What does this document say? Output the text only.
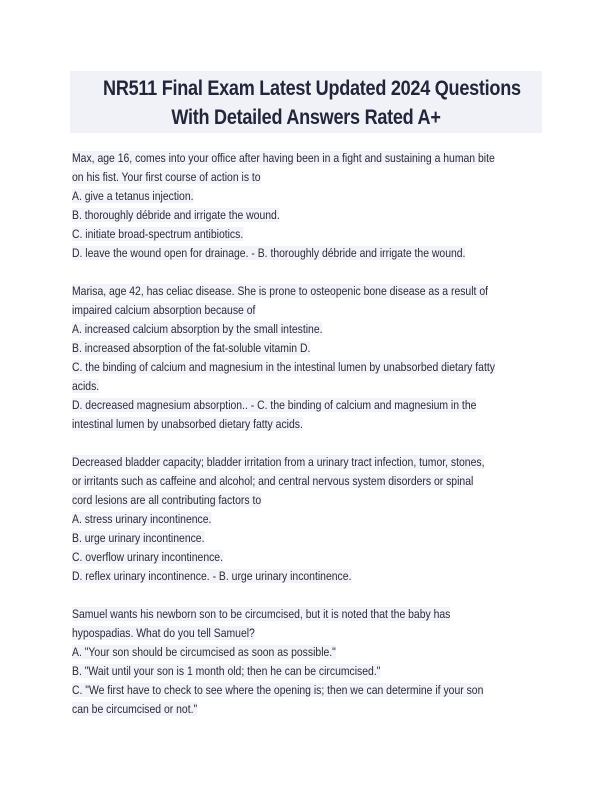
NR511 Final Exam Latest Updated 2024 Questions
With Detailed Answers Rated A+
Max, age 16, comes into your office after having been in a fight and sustaining a human bite
on his fist. Your first course of action is to
A. give a tetanus injection.
B. thoroughly débride and irrigate the wound.
C. initiate broad-spectrum antibiotics.
D. leave the wound open for drainage. - B. thoroughly débride and irrigate the wound.
Marisa, age 42, has celiac disease. She is prone to osteopenic bone disease as a result of
impaired calcium absorption because of
A. increased calcium absorption by the small intestine.
B. increased absorption of the fat-soluble vitamin D.
C. the binding of calcium and magnesium in the intestinal lumen by unabsorbed dietary fatty
acids.
D. decreased magnesium absorption.. - C. the binding of calcium and magnesium in the
intestinal lumen by unabsorbed dietary fatty acids.
Decreased bladder capacity; bladder irritation from a urinary tract infection, tumor, stones,
or irritants such as caffeine and alcohol; and central nervous system disorders or spinal
cord lesions are all contributing factors to
A. stress urinary incontinence.
B. urge urinary incontinence.
C. overflow urinary incontinence.
D. reflex urinary incontinence. - B. urge urinary incontinence.
Samuel wants his newborn son to be circumcised, but it is noted that the baby has
hypospadias. What do you tell Samuel?
A. "Your son should be circumcised as soon as possible."
B. "Wait until your son is 1 month old; then he can be circumcised."
C. "We first have to check to see where the opening is; then we can determine if your son
can be circumcised or not."
